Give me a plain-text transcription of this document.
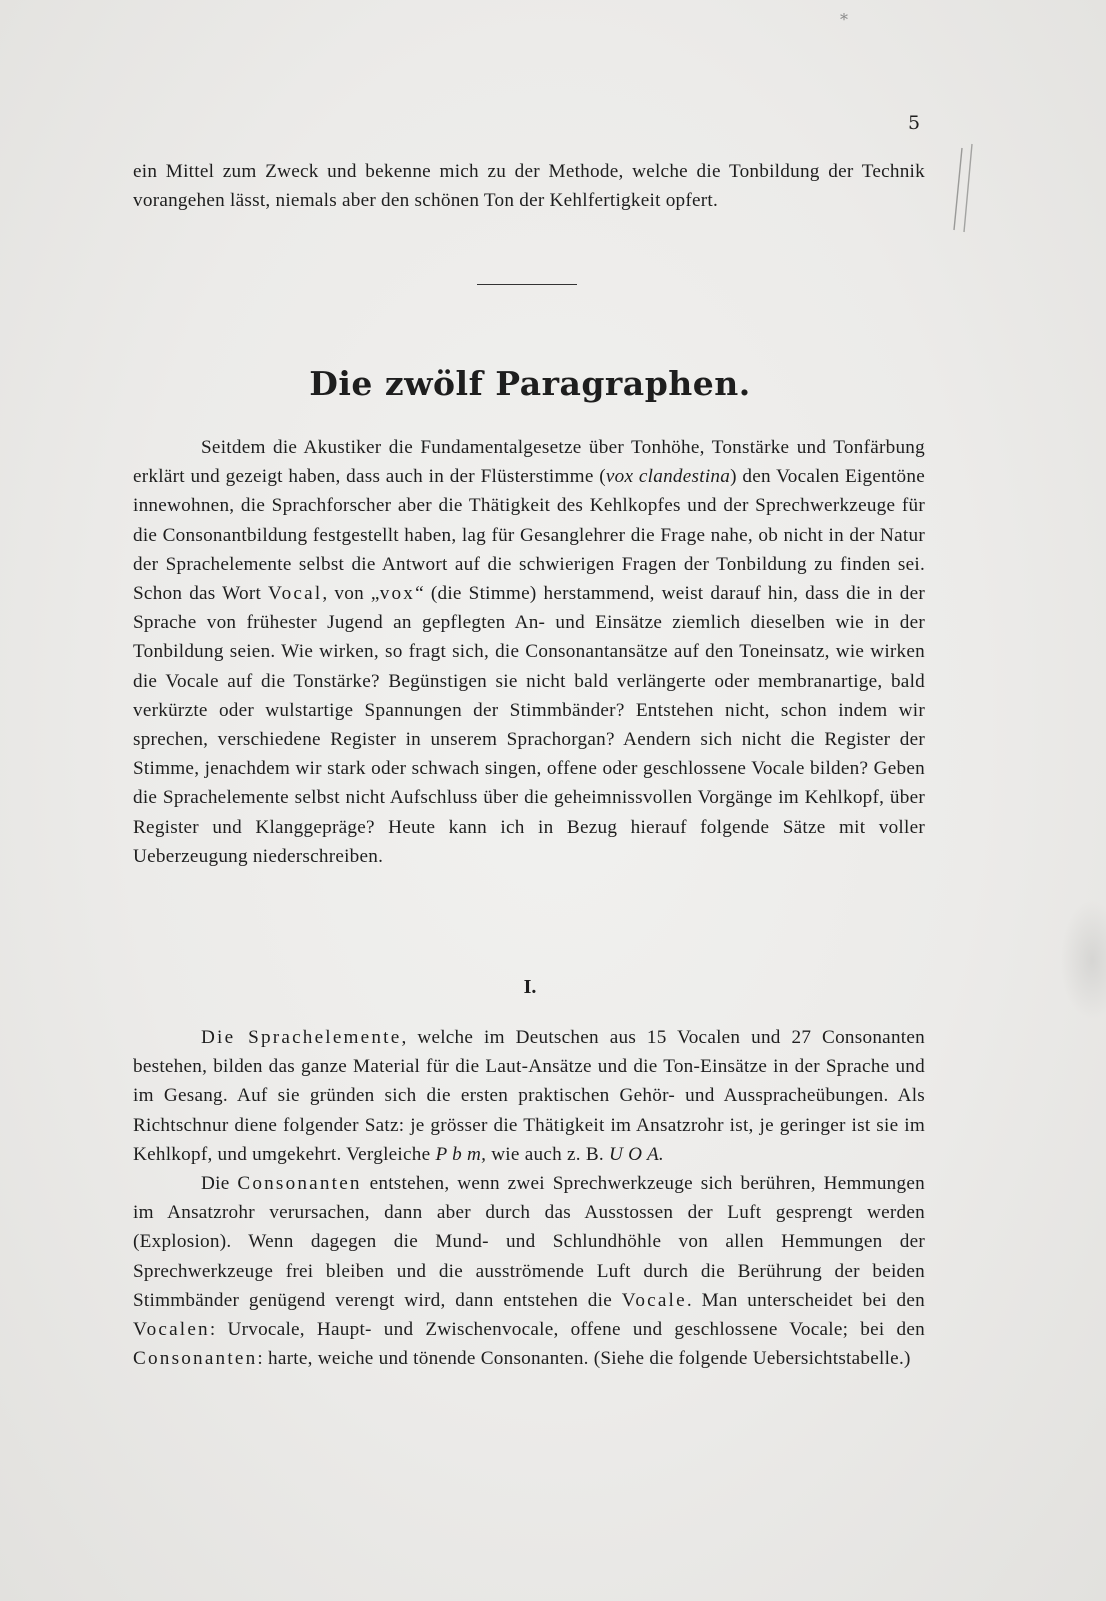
*
5

ein Mittel zum Zweck und bekenne mich zu der Methode, welche die Tonbildung der Technik vorangehen lässt, niemals aber den schönen Ton der Kehlfertigkeit opfert.

Die zwölf Paragraphen.

Seitdem die Akustiker die Fundamentalgesetze über Tonhöhe, Tonstärke und Tonfärbung erklärt und gezeigt haben, dass auch in der Flüsterstimme (vox clandestina) den Vocalen Eigentöne innewohnen, die Sprachforscher aber die Thätigkeit des Kehlkopfes und der Sprechwerkzeuge für die Consonantbildung festgestellt haben, lag für Gesanglehrer die Frage nahe, ob nicht in der Natur der Sprachelemente selbst die Antwort auf die schwierigen Fragen der Tonbildung zu finden sei. Schon das Wort Vocal, von „vox“ (die Stimme) herstammend, weist darauf hin, dass die in der Sprache von frühester Jugend an gepflegten An- und Einsätze ziemlich dieselben wie in der Tonbildung seien. Wie wirken, so fragt sich, die Consonantansätze auf den Toneinsatz, wie wirken die Vocale auf die Tonstärke? Begünstigen sie nicht bald verlängerte oder membranartige, bald verkürzte oder wulstartige Spannungen der Stimmbänder? Entstehen nicht, schon indem wir sprechen, verschiedene Register in unserem Sprachorgan? Aendern sich nicht die Register der Stimme, jenachdem wir stark oder schwach singen, offene oder geschlossene Vocale bilden? Geben die Sprachelemente selbst nicht Aufschluss über die geheimnissvollen Vorgänge im Kehlkopf, über Register und Klanggepräge? Heute kann ich in Bezug hierauf folgende Sätze mit voller Ueberzeugung niederschreiben.

I.

Die Sprachelemente, welche im Deutschen aus 15 Vocalen und 27 Consonanten bestehen, bilden das ganze Material für die Laut-Ansätze und die Ton-Einsätze in der Sprache und im Gesang. Auf sie gründen sich die ersten praktischen Gehör- und Ausspracheübungen. Als Richtschnur diene folgender Satz: je grösser die Thätigkeit im Ansatzrohr ist, je geringer ist sie im Kehlkopf, und umgekehrt. Vergleiche P b m, wie auch z. B. U O A.

Die Consonanten entstehen, wenn zwei Sprechwerkzeuge sich berühren, Hemmungen im Ansatzrohr verursachen, dann aber durch das Ausstossen der Luft gesprengt werden (Explosion). Wenn dagegen die Mund- und Schlundhöhle von allen Hemmungen der Sprechwerkzeuge frei bleiben und die ausströmende Luft durch die Berührung der beiden Stimmbänder genügend verengt wird, dann entstehen die Vocale. Man unterscheidet bei den Vocalen: Urvocale, Haupt- und Zwischenvocale, offene und geschlossene Vocale; bei den Consonanten: harte, weiche und tönende Consonanten. (Siehe die folgende Uebersichtstabelle.)
